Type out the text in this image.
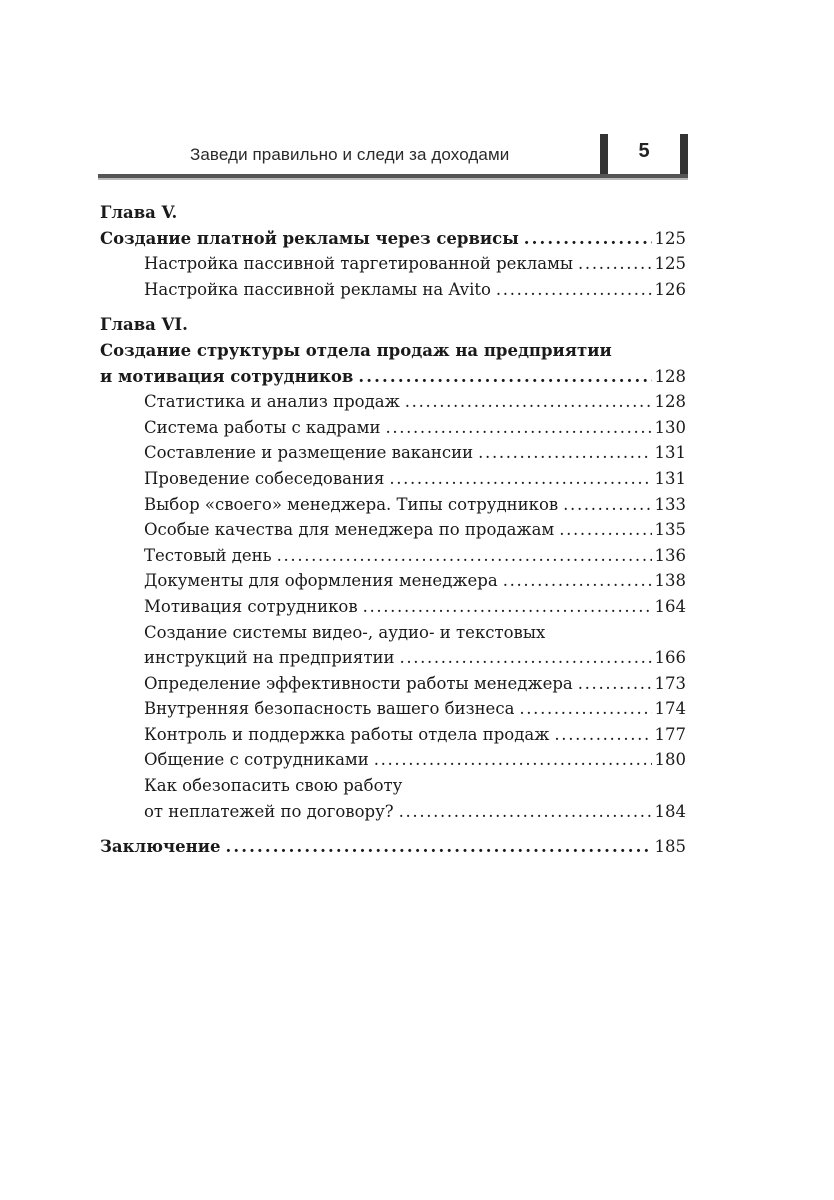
Заведи правильно и следи за доходами	5
Глава V.
Создание платной рекламы через сервисы . . .	125
Настройка пассивной таргетированной рекламы . . .	125
Настройка пассивной рекламы на Avito . . .	126
Глава VI.
Создание структуры отдела продаж на предприятии
и мотивация сотрудников . . .	128
Статистика и анализ продаж . . .	128
Система работы с кадрами . . .	130
Составление и размещение вакансии . . .	131
Проведение собеседования . . .	131
Выбор «своего» менеджера. Типы сотрудников . . .	133
Особые качества для менеджера по продажам . . .	135
Тестовый день . . .	136
Документы для оформления менеджера . . .	138
Мотивация сотрудников . . .	164
Создание системы видео-, аудио- и текстовых
инструкций на предприятии . . .	166
Определение эффективности работы менеджера . . .	173
Внутренняя безопасность вашего бизнеса . . .	174
Контроль и поддержка работы отдела продаж . . .	177
Общение с сотрудниками . . .	180
Как обезопасить свою работу
от неплатежей по договору? . . .	184
Заключение . . .	185
